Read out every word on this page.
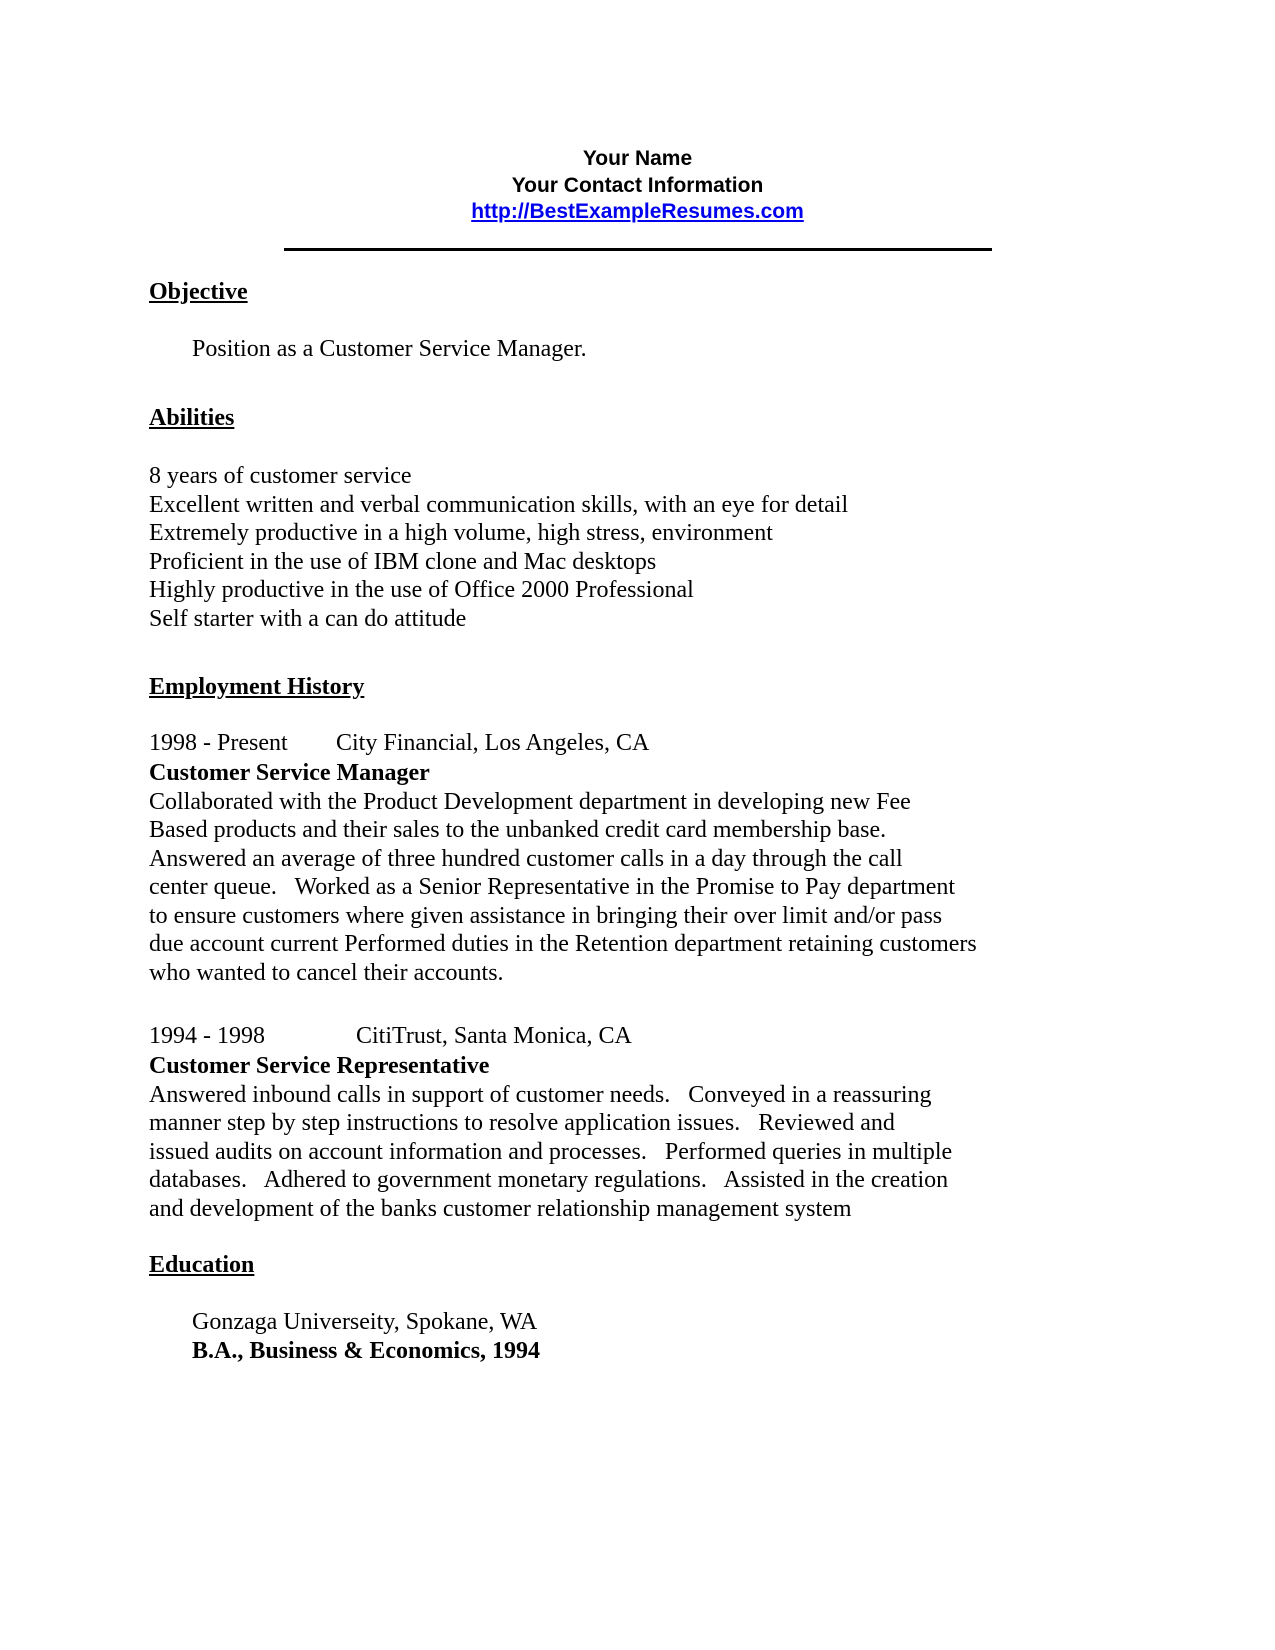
Your Name
Your Contact Information
http://BestExampleResumes.com
Objective
Position as a Customer Service Manager.
Abilities
8 years of customer service
Excellent written and verbal communication skills, with an eye for detail
Extremely productive in a high volume, high stress, environment
Proficient in the use of IBM clone and Mac desktops
Highly productive in the use of Office 2000 Professional
Self starter with a can do attitude
Employment History
1998 - Present City Financial, Los Angeles, CA
Customer Service Manager
Collaborated with the Product Development department in developing new Fee
Based products and their sales to the unbanked credit card membership base.
Answered an average of three hundred customer calls in a day through the call
center queue.   Worked as a Senior Representative in the Promise to Pay department
to ensure customers where given assistance in bringing their over limit and/or pass
due account current Performed duties in the Retention department retaining customers
who wanted to cancel their accounts.
1994 - 1998	CitiTrust, Santa Monica, CA
Customer Service Representative
Answered inbound calls in support of customer needs.   Conveyed in a reassuring
manner step by step instructions to resolve application issues.   Reviewed and
issued audits on account information and processes.   Performed queries in multiple
databases.   Adhered to government monetary regulations.   Assisted in the creation
and development of the banks customer relationship management system
Education
Gonzaga Universeity, Spokane, WA
B.A., Business & Economics, 1994
